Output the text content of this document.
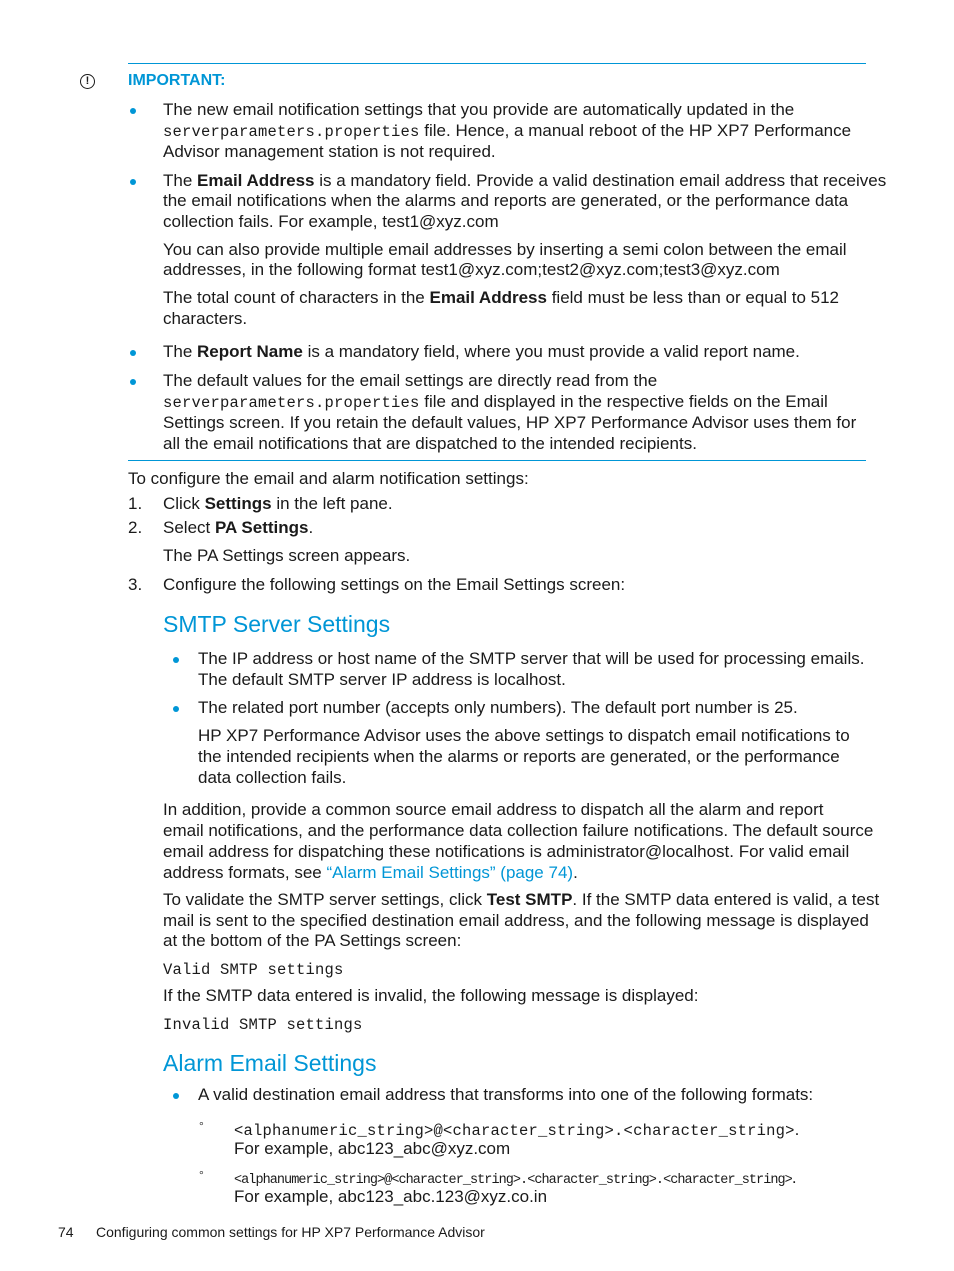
!	IMPORTANT:
The new email notification settings that you provide are automatically updated in the
serverparameters.properties file. Hence, a manual reboot of the HP XP7 Performance
Advisor management station is not required.
The Email Address is a mandatory field. Provide a valid destination email address that receives
the email notifications when the alarms and reports are generated, or the performance data
collection fails. For example, test1@xyz.com
You can also provide multiple email addresses by inserting a semi colon between the email
addresses, in the following format test1@xyz.com;test2@xyz.com;test3@xyz.com
The total count of characters in the Email Address field must be less than or equal to 512
characters.
The Report Name is a mandatory field, where you must provide a valid report name.
The default values for the email settings are directly read from the
serverparameters.properties file and displayed in the respective fields on the Email
Settings screen. If you retain the default values, HP XP7 Performance Advisor uses them for
all the email notifications that are dispatched to the intended recipients.
To configure the email and alarm notification settings:
1. Click Settings in the left pane.
2. Select PA Settings.
The PA Settings screen appears.
3. Configure the following settings on the Email Settings screen:
SMTP Server Settings
The IP address or host name of the SMTP server that will be used for processing emails.
The default SMTP server IP address is localhost.
The related port number (accepts only numbers). The default port number is 25.
HP XP7 Performance Advisor uses the above settings to dispatch email notifications to
the intended recipients when the alarms or reports are generated, or the performance
data collection fails.
In addition, provide a common source email address to dispatch all the alarm and report
email notifications, and the performance data collection failure notifications. The default source
email address for dispatching these notifications is administrator@localhost. For valid email
address formats, see “Alarm Email Settings” (page 74).
To validate the SMTP server settings, click Test SMTP. If the SMTP data entered is valid, a test
mail is sent to the specified destination email address, and the following message is displayed
at the bottom of the PA Settings screen:
Valid SMTP settings
If the SMTP data entered is invalid, the following message is displayed:
Invalid SMTP settings
Alarm Email Settings
A valid destination email address that transforms into one of the following formats:
° <alphanumeric_string>@<character_string>.<character_string>.
For example, abc123_abc@xyz.com
° <alphanumeric_string>@<character_string>.<character_string>.<character_string>.
For example, abc123_abc.123@xyz.co.in
74 Configuring common settings for HP XP7 Performance Advisor
